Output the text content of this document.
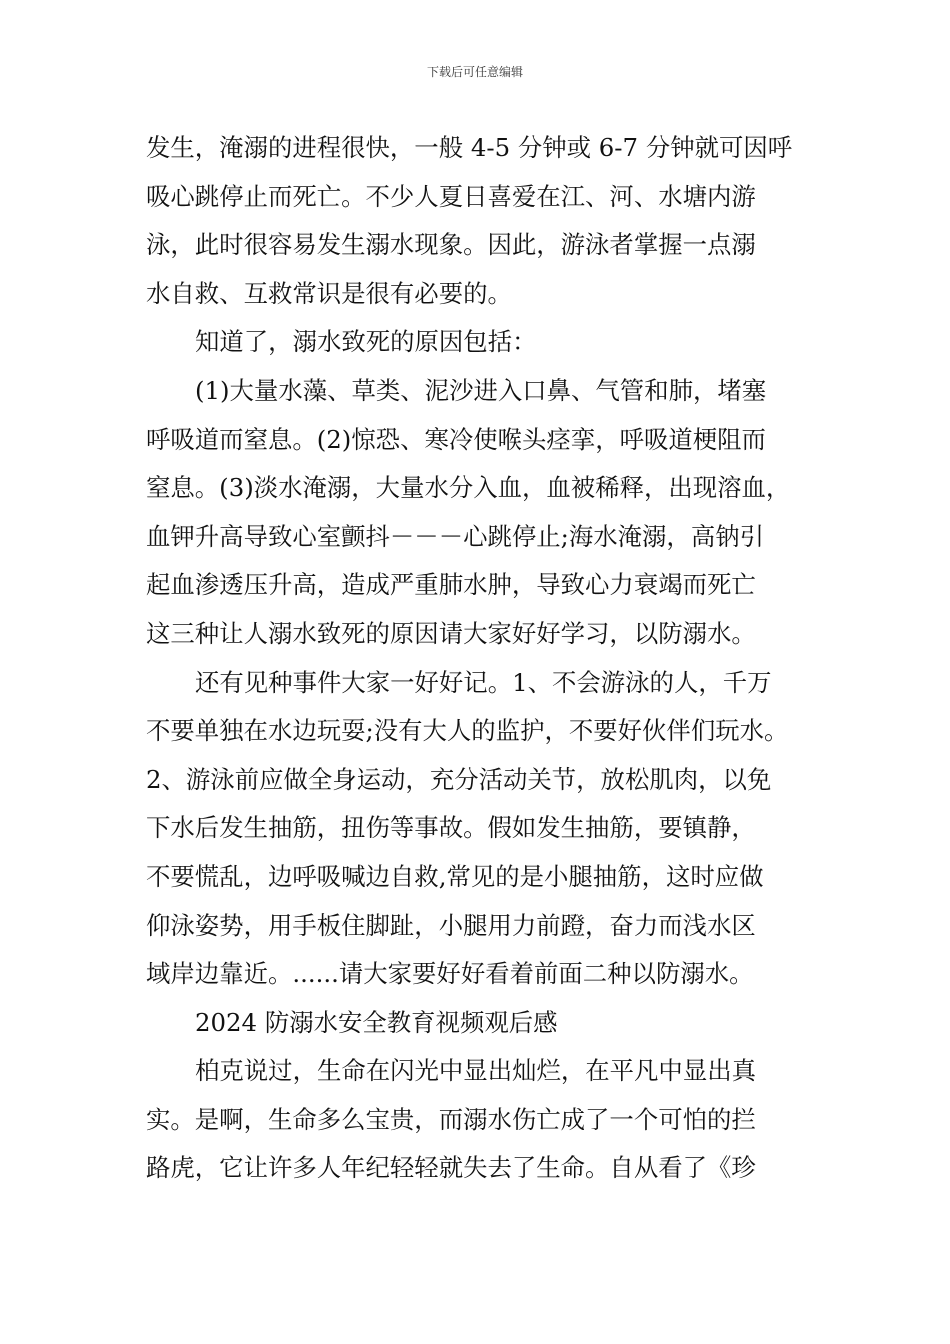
下载后可任意编辑
发生，淹溺的进程很快，一般 4-5 分钟或 6-7 分钟就可因呼
吸心跳停止而死亡。不少人夏日喜爱在江、河、水塘内游
泳，此时很容易发生溺水现象。因此，游泳者掌握一点溺
水自救、互救常识是很有必要的。
知道了，溺水致死的原因包括：
(1)大量水藻、草类、泥沙进入口鼻、气管和肺，堵塞
呼吸道而窒息。(2)惊恐、寒冷使喉头痉挛，呼吸道梗阻而
窒息。(3)淡水淹溺，大量水分入血，血被稀释，出现溶血，
血钾升高导致心室颤抖－－－心跳停止;海水淹溺，高钠引
起血渗透压升高，造成严重肺水肿，导致心力衰竭而死亡
这三种让人溺水致死的原因请大家好好学习，以防溺水。
还有见种事件大家一好好记。1、不会游泳的人，千万
不要单独在水边玩耍;没有大人的监护，不要好伙伴们玩水。
2、游泳前应做全身运动，充分活动关节，放松肌肉，以免
下水后发生抽筋，扭伤等事故。假如发生抽筋，要镇静，
不要慌乱，边呼吸喊边自救,常见的是小腿抽筋，这时应做
仰泳姿势，用手板住脚趾，小腿用力前蹬，奋力而浅水区
域岸边靠近。......请大家要好好看着前面二种以防溺水。
2024 防溺水安全教育视频观后感
柏克说过，生命在闪光中显出灿烂，在平凡中显出真
实。是啊，生命多么宝贵，而溺水伤亡成了一个可怕的拦
路虎，它让许多人年纪轻轻就失去了生命。自从看了《珍
